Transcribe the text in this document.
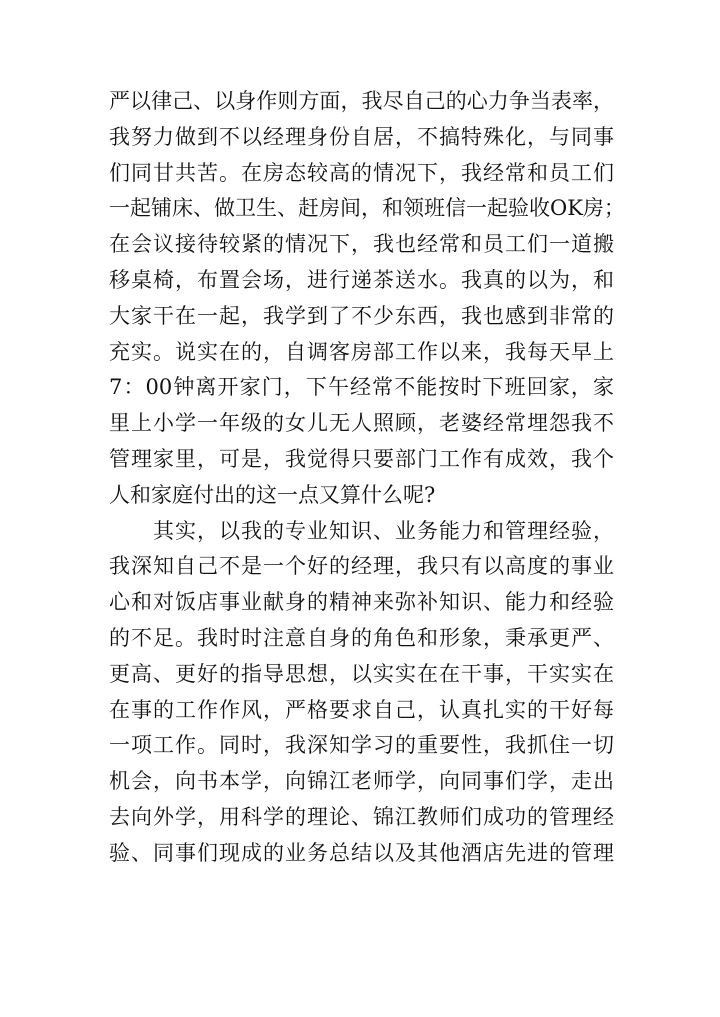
严以律己、以身作则方面，我尽自己的心力争当表率，
我努力做到不以经理身份自居，不搞特殊化，与同事
们同甘共苦。在房态较高的情况下，我经常和员工们
一起铺床、做卫生、赶房间，和领班信一起验收OK房；
在会议接待较紧的情况下，我也经常和员工们一道搬
移桌椅，布置会场，进行递茶送水。我真的以为，和
大家干在一起，我学到了不少东西，我也感到非常的
充实。说实在的，自调客房部工作以来，我每天早上
7：00钟离开家门，下午经常不能按时下班回家，家
里上小学一年级的女儿无人照顾，老婆经常埋怨我不
管理家里，可是，我觉得只要部门工作有成效，我个
人和家庭付出的这一点又算什么呢?
　　其实，以我的专业知识、业务能力和管理经验，
我深知自己不是一个好的经理，我只有以高度的事业
心和对饭店事业献身的精神来弥补知识、能力和经验
的不足。我时时注意自身的角色和形象，秉承更严、
更高、更好的指导思想，以实实在在干事，干实实在
在事的工作作风，严格要求自己，认真扎实的干好每
一项工作。同时，我深知学习的重要性，我抓住一切
机会，向书本学，向锦江老师学，向同事们学，走出
去向外学，用科学的理论、锦江教师们成功的管理经
验、同事们现成的业务总结以及其他酒店先进的管理
